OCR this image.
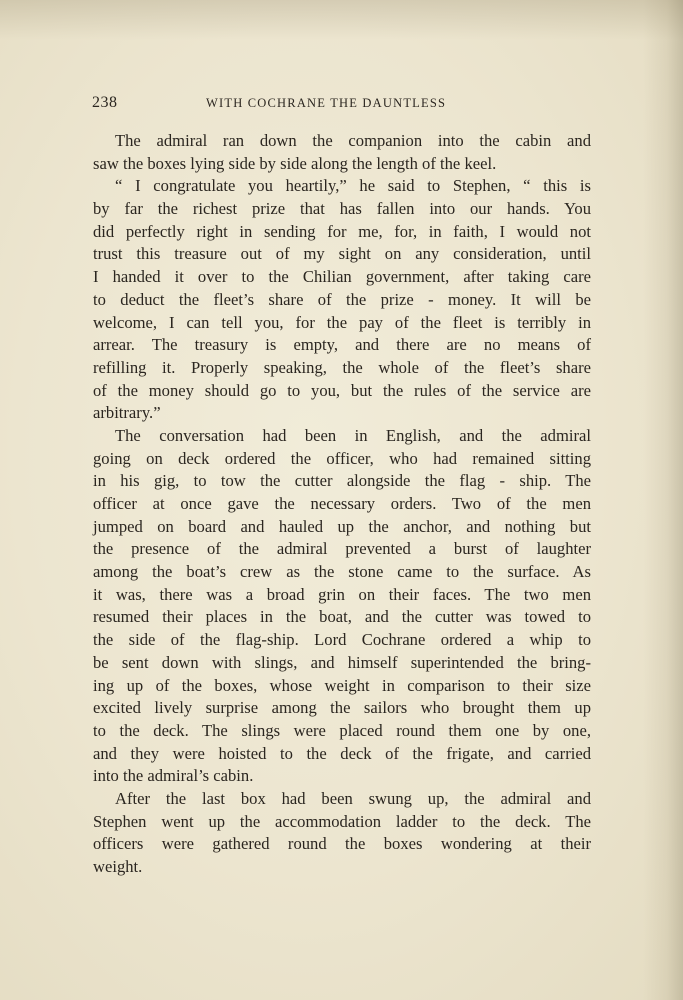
238	WITH COCHRANE THE DAUNTLESS
The admiral ran down the companion into the cabin and
saw the boxes lying side by side along the length of the keel.
“ I congratulate you heartily,” he said to Stephen, “ this is
by far the richest prize that has fallen into our hands. You
did perfectly right in sending for me, for, in faith, I would not
trust this treasure out of my sight on any consideration, until
I handed it over to the Chilian government, after taking care
to deduct the fleet’s share of the prize - money. It will be
welcome, I can tell you, for the pay of the fleet is terribly in
arrear. The treasury is empty, and there are no means of
refilling it. Properly speaking, the whole of the fleet’s share
of the money should go to you, but the rules of the service are
arbitrary.”
The conversation had been in English, and the admiral
going on deck ordered the officer, who had remained sitting
in his gig, to tow the cutter alongside the flag - ship. The
officer at once gave the necessary orders. Two of the men
jumped on board and hauled up the anchor, and nothing but
the presence of the admiral prevented a burst of laughter
among the boat’s crew as the stone came to the surface. As
it was, there was a broad grin on their faces. The two men
resumed their places in the boat, and the cutter was towed to
the side of the flag-ship. Lord Cochrane ordered a whip to
be sent down with slings, and himself superintended the bring-
ing up of the boxes, whose weight in comparison to their size
excited lively surprise among the sailors who brought them up
to the deck. The slings were placed round them one by one,
and they were hoisted to the deck of the frigate, and carried
into the admiral’s cabin.
After the last box had been swung up, the admiral and
Stephen went up the accommodation ladder to the deck. The
officers were gathered round the boxes wondering at their
weight.
